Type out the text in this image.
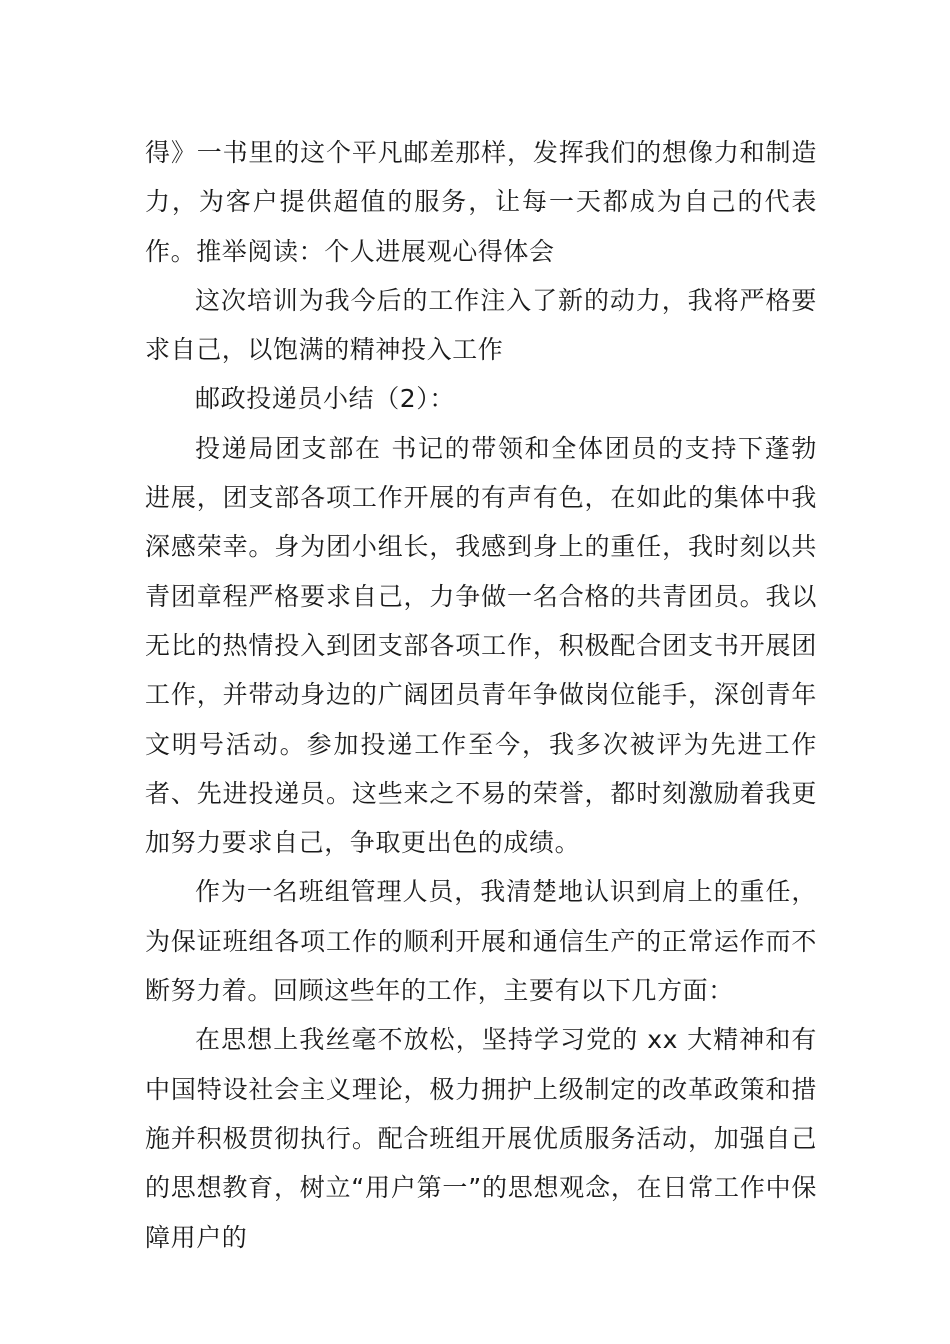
得》一书里的这个平凡邮差那样，发挥我们的想像力和制造力，为客户提供超值的服务，让每一天都成为自己的代表作。推举阅读：个人进展观心得体会

这次培训为我今后的工作注入了新的动力，我将严格要求自己，以饱满的精神投入工作

邮政投递员小结（2）：

投递局团支部在 书记的带领和全体团员的支持下蓬勃进展，团支部各项工作开展的有声有色，在如此的集体中我深感荣幸。身为团小组长，我感到身上的重任，我时刻以共青团章程严格要求自己，力争做一名合格的共青团员。我以无比的热情投入到团支部各项工作，积极配合团支书开展团工作，并带动身边的广阔团员青年争做岗位能手，深创青年文明号活动。参加投递工作至今，我多次被评为先进工作者、先进投递员。这些来之不易的荣誉，都时刻激励着我更加努力要求自己，争取更出色的成绩。

作为一名班组管理人员，我清楚地认识到肩上的重任，为保证班组各项工作的顺利开展和通信生产的正常运作而不断努力着。回顾这些年的工作，主要有以下几方面：

在思想上我丝毫不放松，坚持学习党的 xx 大精神和有中国特设社会主义理论，极力拥护上级制定的改革政策和措施并积极贯彻执行。配合班组开展优质服务活动，加强自己的思想教育，树立“用户第一”的思想观念，在日常工作中保障用户的
